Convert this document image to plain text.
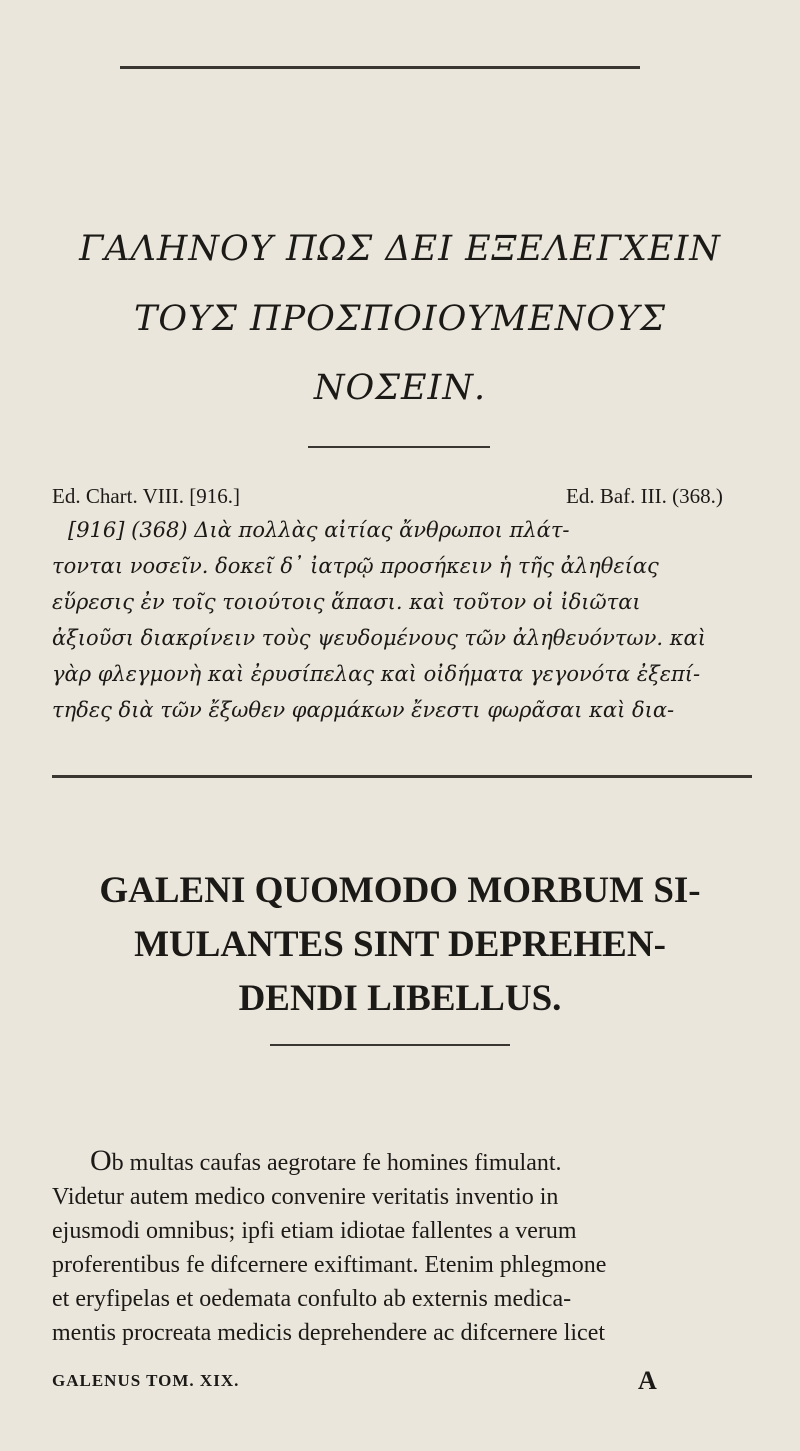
ΓΑΛΗΝΟΥ ΠΩΣ ΔΕΙ ΕΞΕΛΕΓΧΕΙΝ
ΤΟΥΣ ΠΡΟΣΠΟΙΟΥΜΕΝΟΥΣ
ΝΟΣΕΙΝ.
Ed. Chart. VIII. [916.]	Ed. Baf. III. (368.)
[916] (368) Διὰ πολλὰς αἰτίας ἄνθρωποι πλάτ-
τονται νοσεῖν. δοκεῖ δ᾽ ἰατρῷ προσήκειν ἡ τῆς ἀληθείας
εὕρεσις ἐν τοῖς τοιούτοις ἅπασι. καὶ τοῦτον οἱ ἰδιῶται
ἀξιοῦσι διακρίνειν τοὺς ψευδομένους τῶν ἀληθευόντων. καὶ
γὰρ φλεγμονὴ καὶ ἐρυσίπελας καὶ οἰδήματα γεγονότα ἐξεπί-
τηδες διὰ τῶν ἔξωθεν φαρμάκων ἔνεστι φωρᾶσαι καὶ δια-
GALENI QUOMODO MORBUM SI-
MULANTES SINT DEPREHEN-
DENDI LIBELLUS.
Ob multas caufas aegrotare fe homines fimulant.
Videtur autem medico convenire veritatis inventio in
ejusmodi omnibus; ipfi etiam idiotae fallentes a verum
proferentibus fe difcernere exiftimant. Etenim phlegmone
et eryfipelas et oedemata confulto ab externis medica-
mentis procreata medicis deprehendere ac difcernere licet
GALENUS TOM. XIX.	A
